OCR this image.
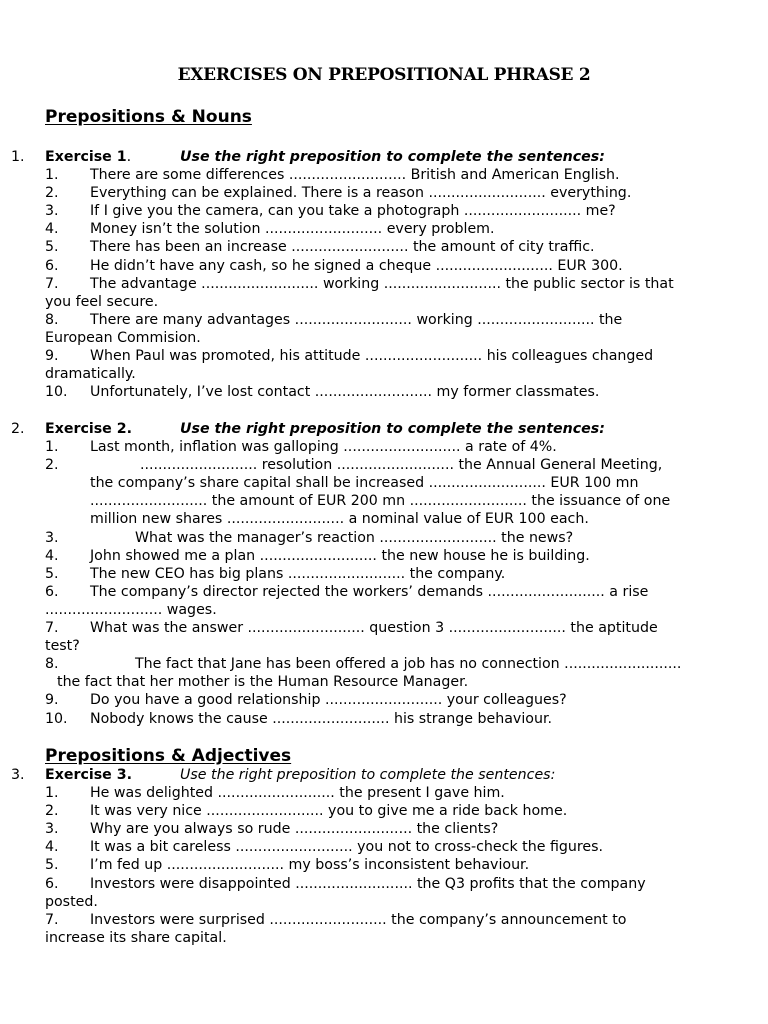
EXERCISES ON PREPOSITIONAL PHRASE 2
Prepositions & Nouns
1. Exercise 1.	Use the right preposition to complete the sentences:
1. There are some differences .......................... British and American English.
2. Everything can be explained. There is a reason .......................... everything.
3. If I give you the camera, can you take a photograph .......................... me?
4. Money isn’t the solution .......................... every problem.
5. There has been an increase .......................... the amount of city traffic.
6. He didn’t have any cash, so he signed a cheque .......................... EUR 300.
7. The advantage .......................... working .......................... the public sector is that
you feel secure.
8. There are many advantages .......................... working .......................... the
European Commision.
9. When Paul was promoted, his attitude .......................... his colleagues changed
dramatically.
10. Unfortunately, I’ve lost contact .......................... my former classmates.
2. Exercise 2.	Use the right preposition to complete the sentences:
1. Last month, inflation was galloping .......................... a rate of 4%.
2.	.......................... resolution .......................... the Annual General Meeting,
the company’s share capital shall be increased .......................... EUR 100 mn
.......................... the amount of EUR 200 mn .......................... the issuance of one
million new shares .......................... a nominal value of EUR 100 each.
3.	What was the manager’s reaction .......................... the news?
4. John showed me a plan .......................... the new house he is building.
5. The new CEO has big plans .......................... the company.
6. The company’s director rejected the workers’ demands .......................... a rise
.......................... wages.
7. What was the answer .......................... question 3 .......................... the aptitude
test?
8.	The fact that Jane has been offered a job has no connection ..........................
the fact that her mother is the Human Resource Manager.
9. Do you have a good relationship .......................... your colleagues?
10. Nobody knows the cause .......................... his strange behaviour.
Prepositions & Adjectives
3. Exercise 3.	Use the right preposition to complete the sentences:
1. He was delighted .......................... the present I gave him.
2. It was very nice .......................... you to give me a ride back home.
3. Why are you always so rude .......................... the clients?
4. It was a bit careless .......................... you not to cross-check the figures.
5. I’m fed up .......................... my boss’s inconsistent behaviour.
6. Investors were disappointed .......................... the Q3 profits that the company
posted.
7. Investors were surprised .......................... the company’s announcement to
increase its share capital.
